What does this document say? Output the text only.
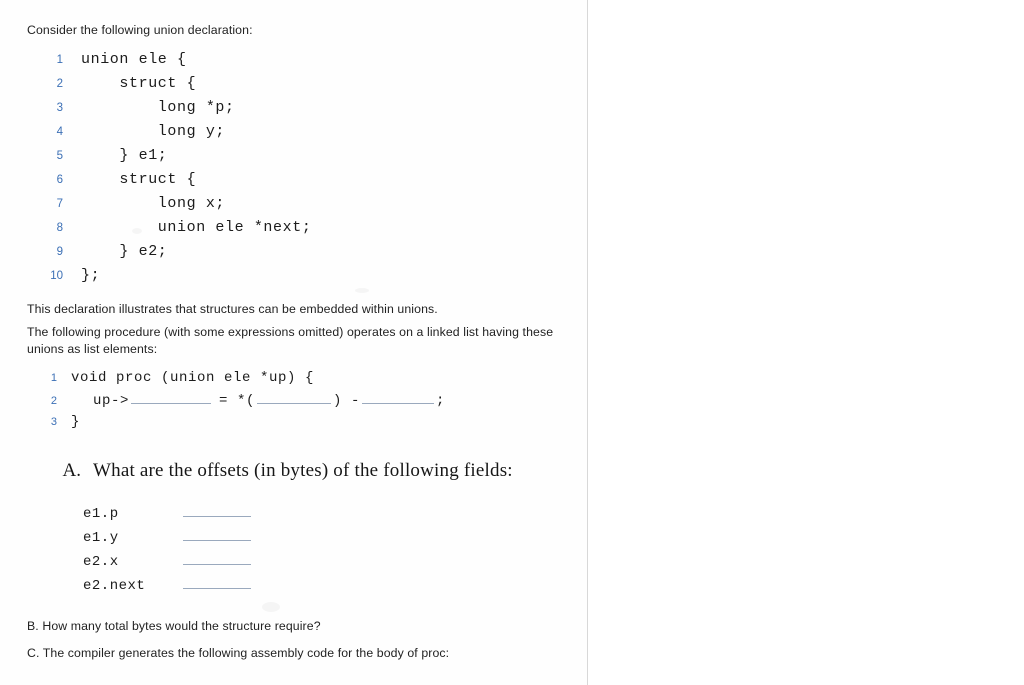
Consider the following union declaration:

1	union ele {
2	struct {
3	long *p;
4	long y;
5	} e1;
6	struct {
7	long x;
8	union ele *next;
9	} e2;
10	};

This declaration illustrates that structures can be embedded within unions.

The following procedure (with some expressions omitted) operates on a linked list having these unions as list elements:

1	void proc (union ele *up) {
2	up->	= *(	) -	;
3	}
A. What are the offsets (in bytes) of the following fields:
e1.p
e1.y
e2.x
e2.next

B. How many total bytes would the structure require?

C. The compiler generates the following assembly code for the body of proc:
